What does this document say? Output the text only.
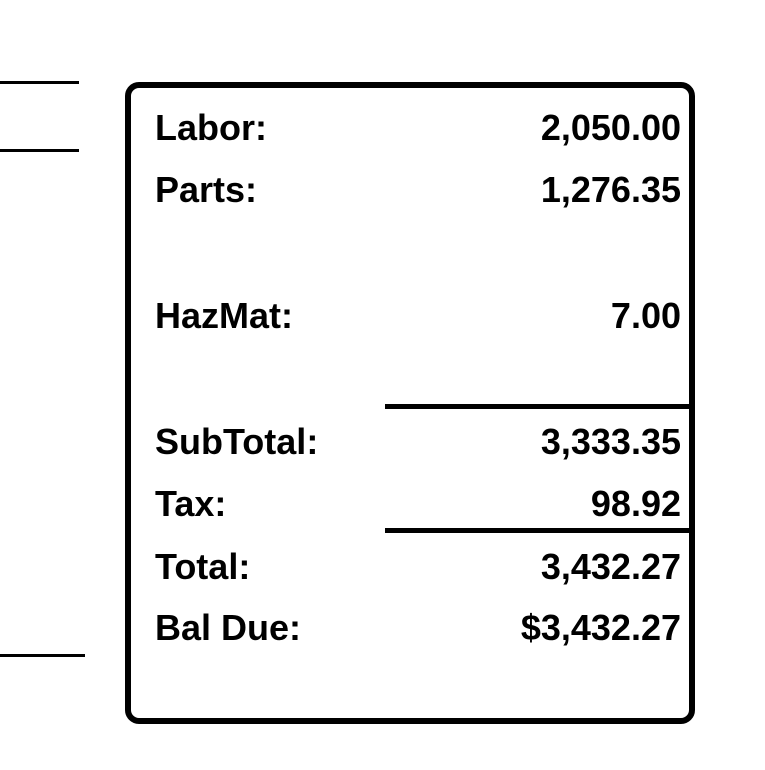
Labor:	2,050.00
Parts:	1,276.35
HazMat:	7.00
SubTotal:	3,333.35
Tax:	98.92
Total:	3,432.27
Bal Due:	$3,432.27
